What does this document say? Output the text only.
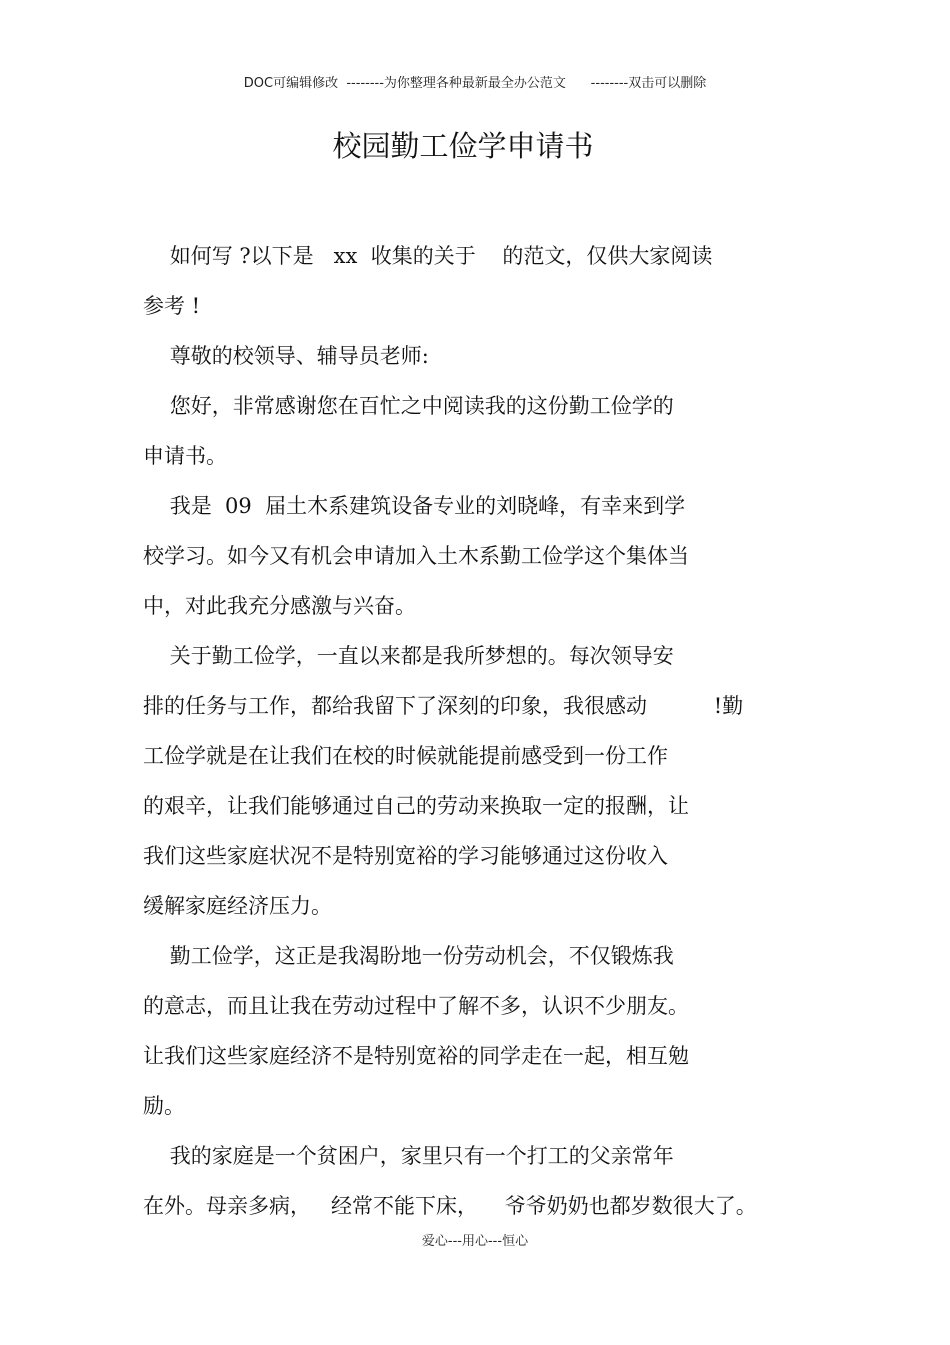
DOC可编辑修改  --------为你整理各种最新最全办公范文      --------双击可以删除
校园勤工俭学申请书
如何写 ?以下是   xx  收集的关于    的范文，仅供大家阅读
参考 !
尊敬的校领导、辅导员老师:
您好，非常感谢您在百忙之中阅读我的这份勤工俭学的
申请书。
我是  09  届土木系建筑设备专业的刘晓峰，有幸来到学
校学习。如今又有机会申请加入土木系勤工俭学这个集体当
中，对此我充分感激与兴奋。
关于勤工俭学，一直以来都是我所梦想的。每次领导安
排的任务与工作，都给我留下了深刻的印象，我很感动          !勤
工俭学就是在让我们在校的时候就能提前感受到一份工作
的艰辛，让我们能够通过自己的劳动来换取一定的报酬，让
我们这些家庭状况不是特别宽裕的学习能够通过这份收入
缓解家庭经济压力。
勤工俭学，这正是我渴盼地一份劳动机会，不仅锻炼我
的意志，而且让我在劳动过程中了解不多，认识不少朋友。
让我们这些家庭经济不是特别宽裕的同学走在一起，相互勉
励。
我的家庭是一个贫困户，家里只有一个打工的父亲常年
在外。母亲多病，   经常不能下床，    爷爷奶奶也都岁数很大了。
爱心---用心---恒心
